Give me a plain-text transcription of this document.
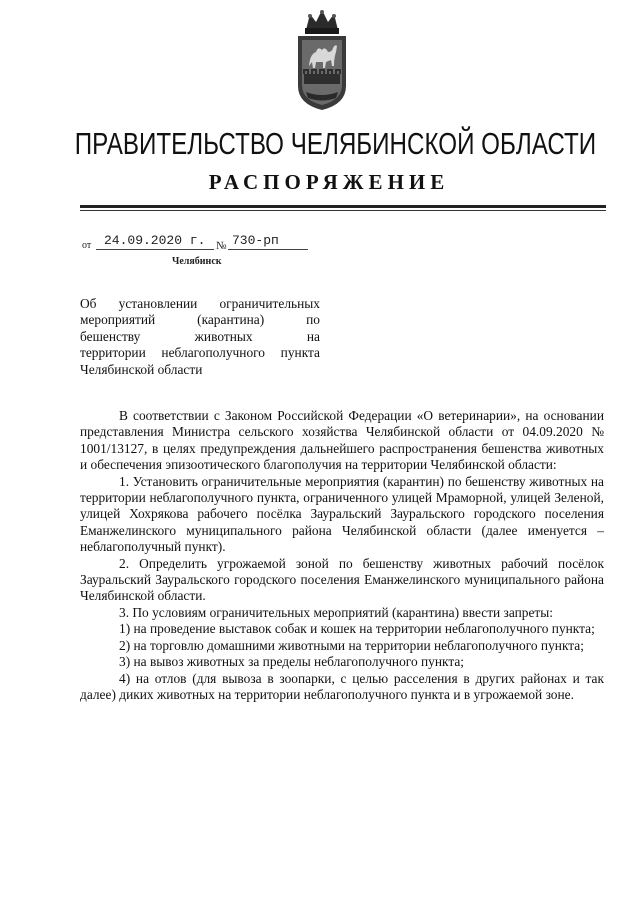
ПРАВИТЕЛЬСТВО ЧЕЛЯБИНСКОЙ ОБЛАСТИ
РАСПОРЯЖЕНИЕ
от 24.09.2020 г. № 730-рп
Челябинск
Об установлении ограничительных
мероприятий (карантина) по
бешенству животных на
территории неблагополучного пункта
Челябинской области
В соответствии с Законом Российской Федерации «О ветеринарии», на основании представления Министра сельского хозяйства Челябинской области от 04.09.2020 № 1001/13127, в целях предупреждения дальнейшего распространения бешенства животных и обеспечения эпизоотического благополучия на территории Челябинской области:
1. Установить ограничительные мероприятия (карантин) по бешенству животных на территории неблагополучного пункта, ограниченного улицей Мраморной, улицей Зеленой, улицей Хохрякова рабочего посёлка Зауральский Зауральского городского поселения Еманжелинского муниципального района Челябинской области (далее именуется – неблагополучный пункт).
2. Определить угрожаемой зоной по бешенству животных рабочий посёлок Зауральский Зауральского городского поселения Еманжелинского муниципального района Челябинской области.
3. По условиям ограничительных мероприятий (карантина) ввести запреты:
1) на проведение выставок собак и кошек на территории неблагополучного пункта;
2) на торговлю домашними животными на территории неблагополучного пункта;
3) на вывоз животных за пределы неблагополучного пункта;
4) на отлов (для вывоза в зоопарки, с целью расселения в других районах и так далее) диких животных на территории неблагополучного пункта и в угрожаемой зоне.
